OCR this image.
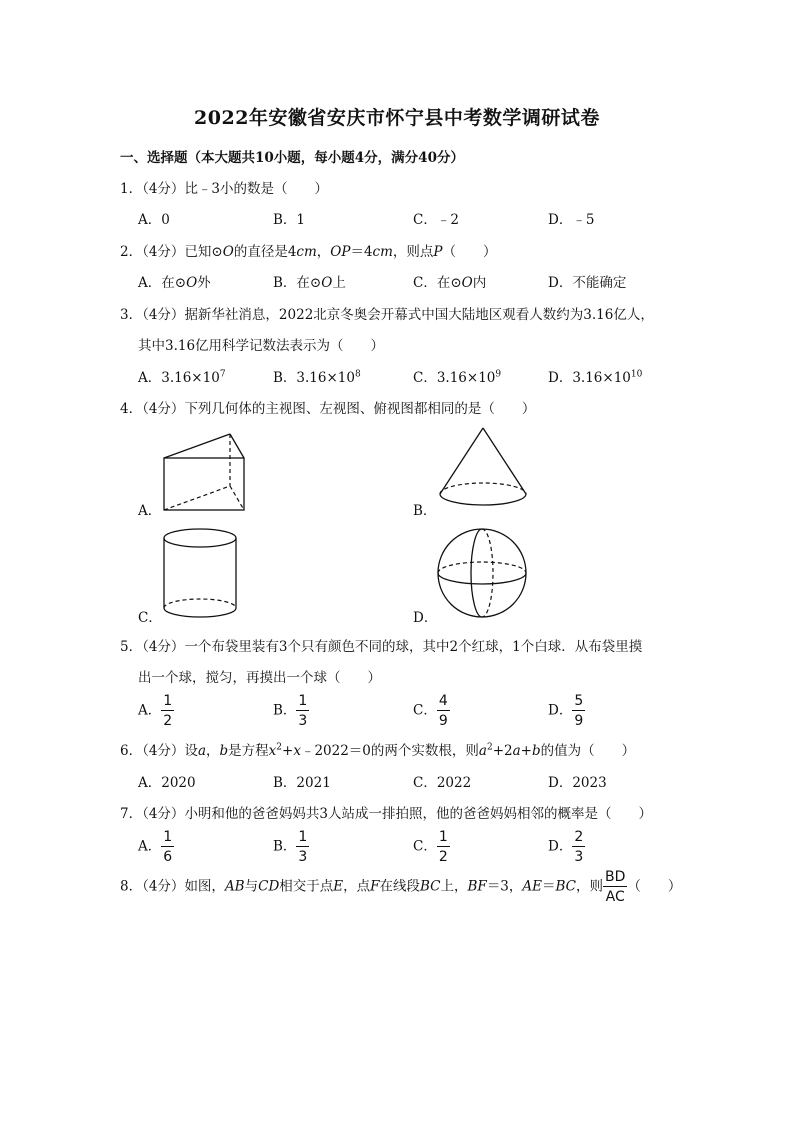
2022年安徽省安庆市怀宁县中考数学调研试卷
一、选择题（本大题共10小题，每小题4分，满分40分）
1．（4分）比﹣3小的数是（　　）
A．0	B．1	C．﹣2	D．﹣5
2．（4分）已知⊙O的直径是4cm，OP＝4cm，则点P（　　）
A．在⊙O外	B．在⊙O上	C．在⊙O内	D．不能确定
3．（4分）据新华社消息，2022北京冬奥会开幕式中国大陆地区观看人数约为3.16亿人，
其中3.16亿用科学记数法表示为（　　）
A．$3.16\times 10^7$	B．$3.16\times 10^8$	C．$3.16\times 10^9$	D．$3.16\times 10^{10}$
4．（4分）下列几何体的主视图、左视图、俯视图都相同的是（　　）
A．	B．
C．	D．
5．（4分）一个布袋里装有3个只有颜色不同的球，其中2个红球，1个白球．从布袋里摸
出一个球，搅匀，再摸出一个球（　　）
A． $\frac{1}{2}$	B． $\frac{1}{3}$	C． $\frac{4}{9}$	D． $\frac{5}{9}$
6．（4分）设a，b是方程$x^2+x﹣2022=0$的两个实数根，则$a^2+2a+b$的值为（　　）
A．2020	B．2021	C．2022	D．2023
7．（4分）小明和他的爸爸妈妈共3人站成一排拍照，他的爸爸妈妈相邻的概率是（　　）
A． $\frac{1}{6}$	B． $\frac{1}{3}$	C． $\frac{1}{2}$	D． $\frac{2}{3}$
8．（4分）如图，AB与CD相交于点E，点F在线段BC上，BF＝3，AE＝BC，则 $\frac{BD}{AC}$ （　　）
